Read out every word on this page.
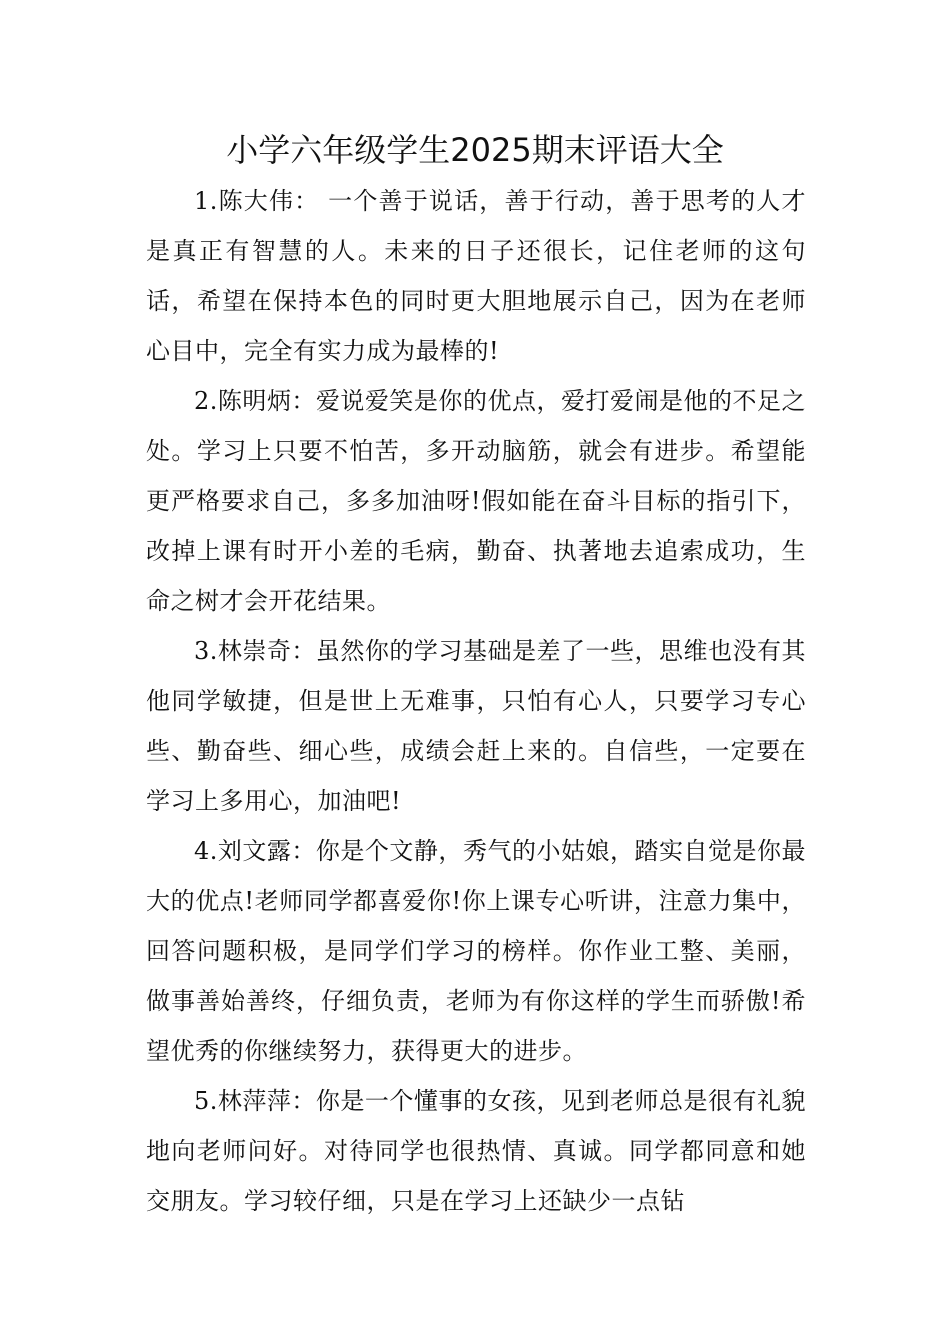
小学六年级学生2025期末评语大全

1.陈大伟： 一个善于说话，善于行动，善于思考的人才是真正有智慧的人。未来的日子还很长，记住老师的这句话，希望在保持本色的同时更大胆地展示自己，因为在老师心目中，完全有实力成为最棒的!

2.陈明炳：爱说爱笑是你的优点，爱打爱闹是他的不足之处。学习上只要不怕苦，多开动脑筋，就会有进步。希望能更严格要求自己，多多加油呀!假如能在奋斗目标的指引下，改掉上课有时开小差的毛病，勤奋、执著地去追索成功，生命之树才会开花结果。

3.林崇奇：虽然你的学习基础是差了一些，思维也没有其他同学敏捷，但是世上无难事，只怕有心人，只要学习专心些、勤奋些、细心些，成绩会赶上来的。自信些，一定要在学习上多用心，加油吧!

4.刘文露：你是个文静，秀气的小姑娘，踏实自觉是你最大的优点!老师同学都喜爱你!你上课专心听讲，注意力集中，回答问题积极，是同学们学习的榜样。你作业工整、美丽，做事善始善终，仔细负责，老师为有你这样的学生而骄傲!希望优秀的你继续努力，获得更大的进步。

5.林萍萍：你是一个懂事的女孩，见到老师总是很有礼貌地向老师问好。对待同学也很热情、真诚。同学都同意和她交朋友。学习较仔细，只是在学习上还缺少一点钻
